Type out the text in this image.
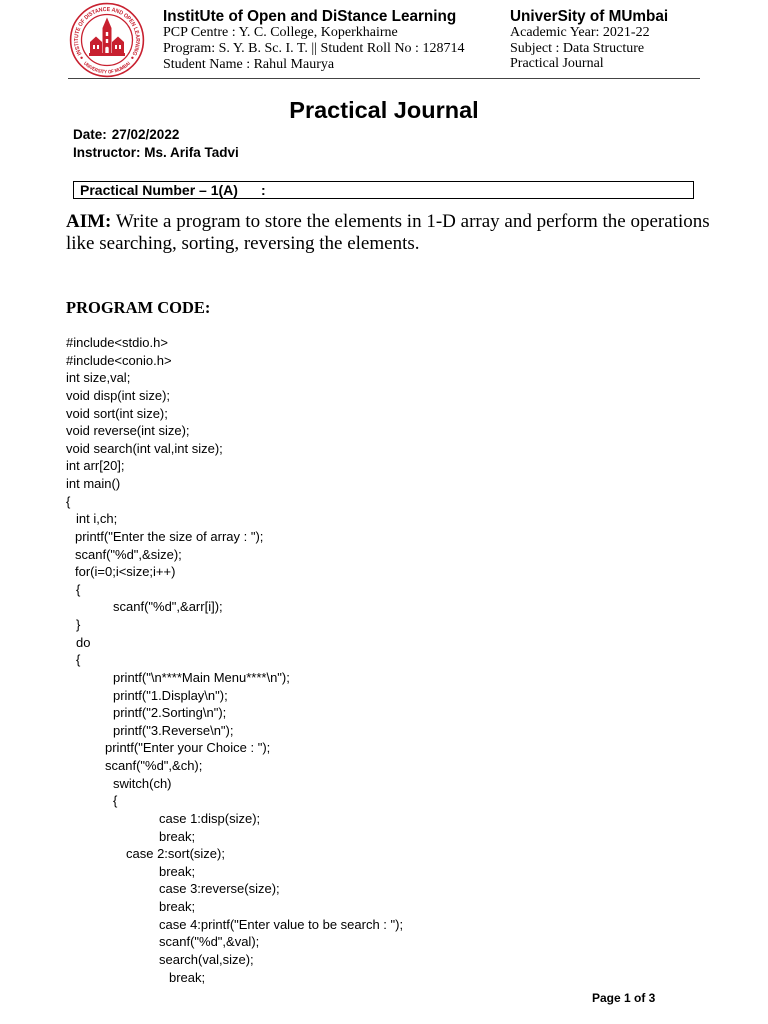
INSTITUTE OF DISTANCE AND OPEN LEARNING
UNIVERSITY OF MUMBAI
InstitUte of Open and DiStance Learning
PCP Centre : Y. C. College, Koperkhairne
Program: S. Y. B. Sc. I. T. || Student Roll No : 128714
Student Name : Rahul Maurya
UniverSity of MUmbai
Academic Year: 2021-22
Subject : Data Structure
Practical Journal
Practical Journal
Date: 27/02/2022
Instructor: Ms. Arifa Tadvi
Practical Number – 1(A) :
AIM: Write a program to store the elements in 1-D array and perform the operations
like searching, sorting, reversing the elements.
PROGRAM CODE:
#include<stdio.h>
#include<conio.h>
int size,val;
void disp(int size);
void sort(int size);
void reverse(int size);
void search(int val,int size);
int arr[20];
int main()
{
int i,ch;
printf("Enter the size of array : ");
scanf("%d",&size);
for(i=0;i<size;i++)
{
scanf("%d",&arr[i]);
}
do
{
printf("\n****Main Menu****\n");
printf("1.Display\n");
printf("2.Sorting\n");
printf("3.Reverse\n");
printf("Enter your Choice : ");
scanf("%d",&ch);
switch(ch)
{
case 1:disp(size);
break;
case 2:sort(size);
break;
case 3:reverse(size);
break;
case 4:printf("Enter value to be search : ");
scanf("%d",&val);
search(val,size);
break;
Page 1 of 3
